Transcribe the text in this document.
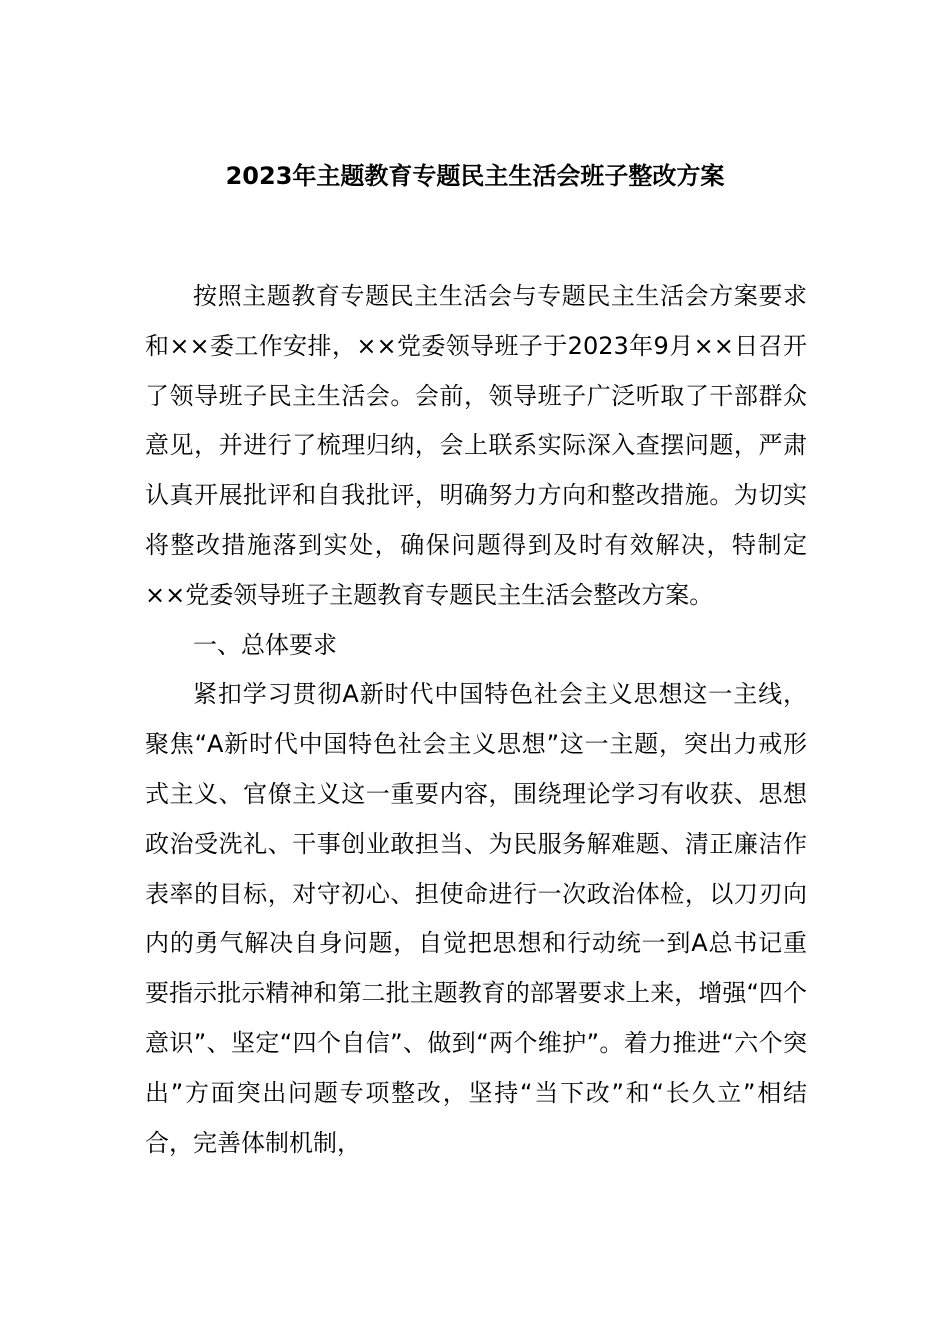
2023年主题教育专题民主生活会班子整改方案

按照主题教育专题民主生活会与专题民主生活会方案要求和××委工作安排，××党委领导班子于2023年9月××日召开了领导班子民主生活会。会前，领导班子广泛听取了干部群众意见，并进行了梳理归纳，会上联系实际深入查摆问题，严肃认真开展批评和自我批评，明确努力方向和整改措施。为切实将整改措施落到实处，确保问题得到及时有效解决，特制定××党委领导班子主题教育专题民主生活会整改方案。

一、总体要求

紧扣学习贯彻A新时代中国特色社会主义思想这一主线，聚焦“A新时代中国特色社会主义思想”这一主题，突出力戒形式主义、官僚主义这一重要内容，围绕理论学习有收获、思想政治受洗礼、干事创业敢担当、为民服务解难题、清正廉洁作表率的目标，对守初心、担使命进行一次政治体检，以刀刃向内的勇气解决自身问题，自觉把思想和行动统一到A总书记重要指示批示精神和第二批主题教育的部署要求上来，增强“四个意识”、坚定“四个自信”、做到“两个维护”。着力推进“六个突出”方面突出问题专项整改，坚持“当下改”和“长久立”相结合，完善体制机制，
